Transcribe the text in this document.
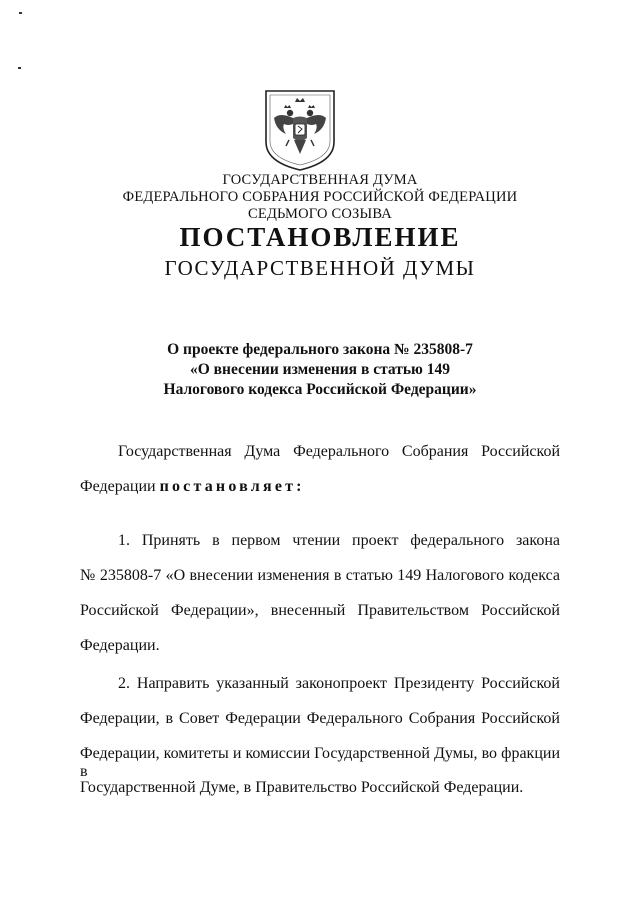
ГОСУДАРСТВЕННАЯ ДУМА
ФЕДЕРАЛЬНОГО СОБРАНИЯ РОССИЙСКОЙ ФЕДЕРАЦИИ
СЕДЬМОГО СОЗЫВА
ПОСТАНОВЛЕНИЕ
ГОСУДАРСТВЕННОЙ ДУМЫ
О проекте федерального закона № 235808-7
«О внесении изменения в статью 149
Налогового кодекса Российской Федерации»
Государственная Дума Федерального Собрания Российской
Федерации постановляет:
1. Принять в первом чтении проект федерального закона
№ 235808-7 «О внесении изменения в статью 149 Налогового кодекса
Российской Федерации», внесенный Правительством Российской
Федерации.
2. Направить указанный законопроект Президенту Российской
Федерации, в Совет Федерации Федерального Собрания Российской
Федерации, комитеты и комиссии Государственной Думы, во фракции в
Государственной Думе, в Правительство Российской Федерации.
